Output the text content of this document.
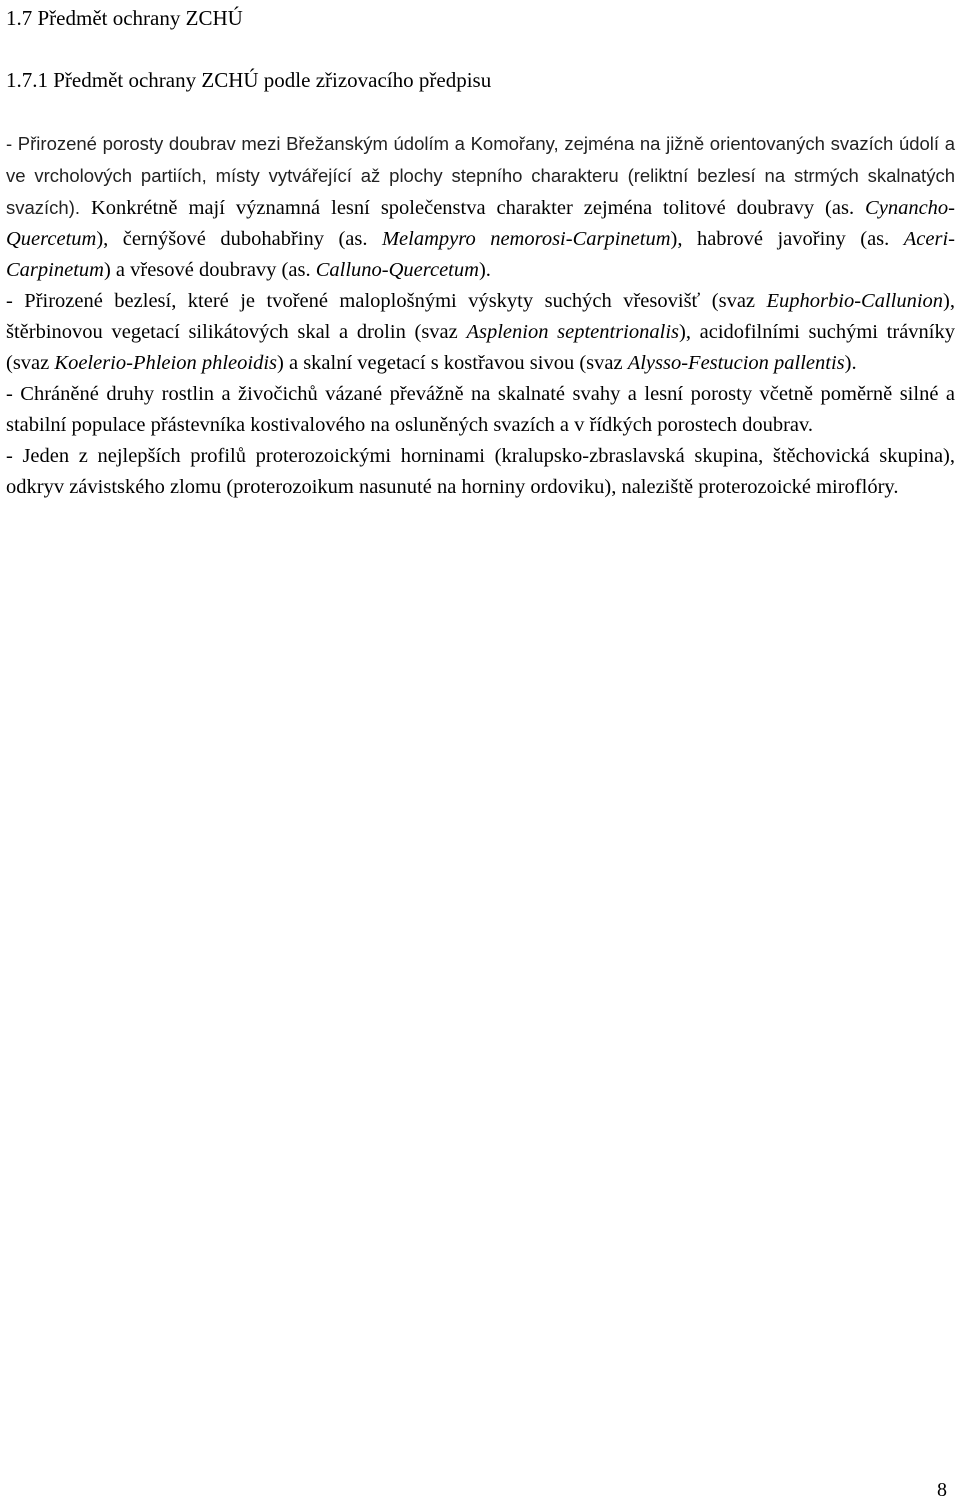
1.7 Předmět ochrany ZCHÚ
1.7.1 Předmět ochrany ZCHÚ podle zřizovacího předpisu

- Přirozené porosty doubrav mezi Břežanským údolím a Komořany, zejména na jižně orientovaných svazích údolí a ve vrcholových partiích, místy vytvářející až plochy stepního charakteru (reliktní bezlesí na strmých skalnatých svazích). Konkrétně mají významná lesní společenstva charakter zejména tolitové doubravy (as. Cynancho-Quercetum), černýšové dubohabřiny (as. Melampyro nemorosi-Carpinetum), habrové javořiny (as. Aceri-Carpinetum) a vřesové doubravy (as. Calluno-Quercetum).

- Přirozené bezlesí, které je tvořené maloplošnými výskyty suchých vřesovišť (svaz Euphorbio-Callunion), štěrbinovou vegetací silikátových skal a drolin (svaz Asplenion septentrionalis), acidofilními suchými trávníky (svaz Koelerio-Phleion phleoidis) a skalní vegetací s kostřavou sivou (svaz Alysso-Festucion pallentis).

- Chráněné druhy rostlin a živočichů vázané převážně na skalnaté svahy a lesní porosty včetně poměrně silné a stabilní populace přástevníka kostivalového na osluněných svazích a v řídkých porostech doubrav.

- Jeden z nejlepších profilů proterozoickými horninami (kralupsko-zbraslavská skupina, štěchovická skupina), odkryv závistského zlomu (proterozoikum nasunuté na horniny ordoviku), naleziště proterozoické miroflóry.

8
